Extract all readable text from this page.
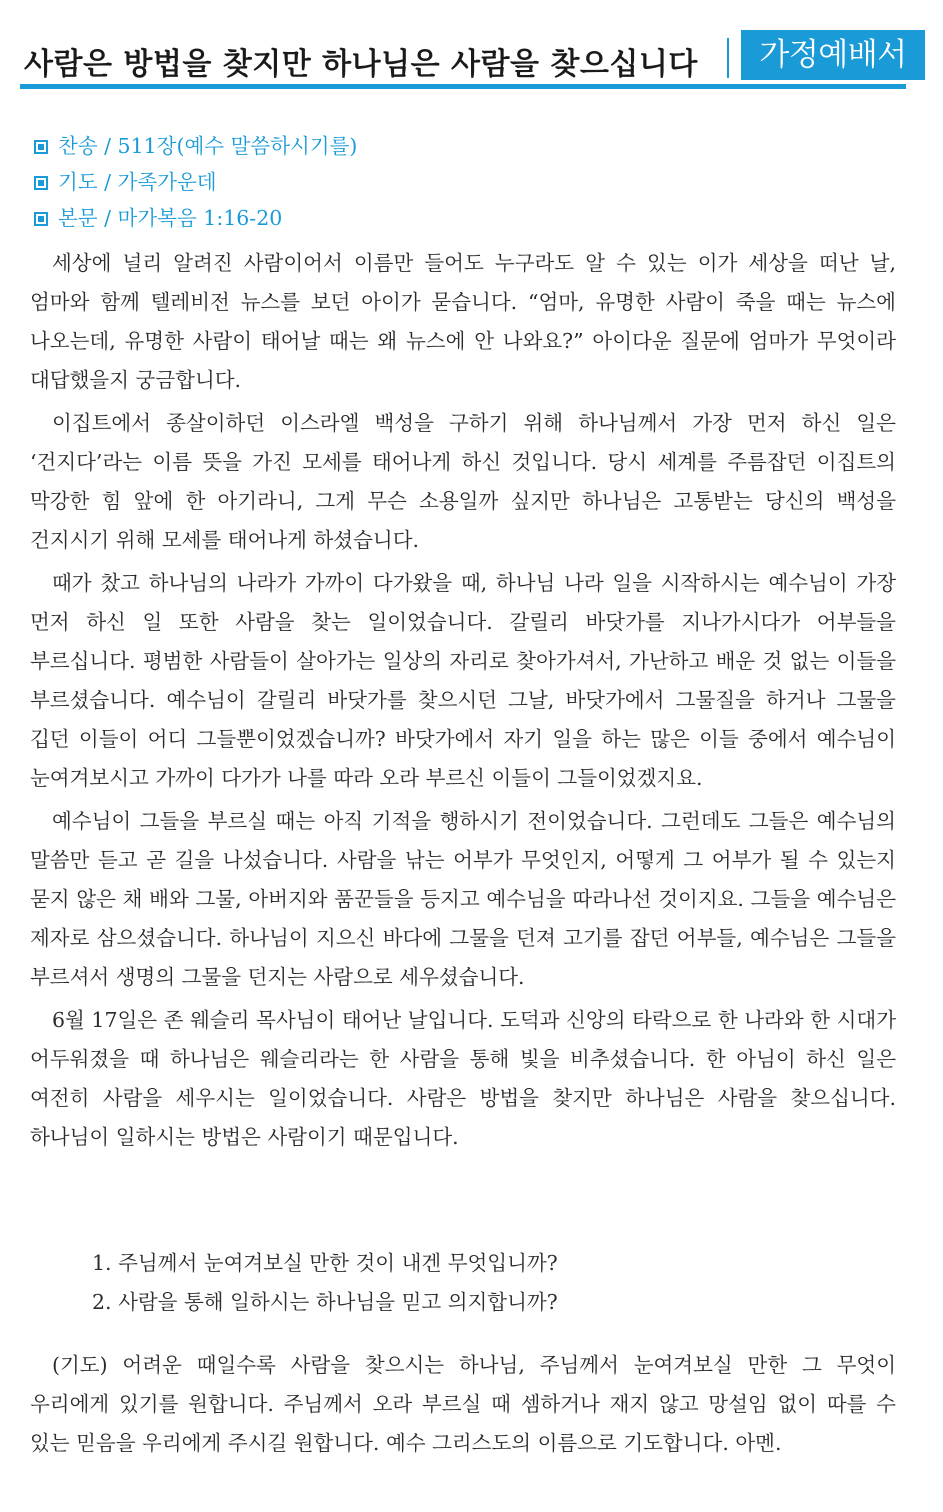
사람은 방법을 찾지만 하나님은 사람을 찾으십니다	가정예배서
찬송 / 511장(예수 말씀하시기를)
기도 / 가족가운데
본문 / 마가복음 1:16-20

세상에 널리 알려진 사람이어서 이름만 들어도 누구라도 알 수 있는 이가 세상을 떠난 날, 엄마와 함께 텔레비전 뉴스를 보던 아이가 묻습니다. “엄마, 유명한 사람이 죽을 때는 뉴스에 나오는데, 유명한 사람이 태어날 때는 왜 뉴스에 안 나와요?” 아이다운 질문에 엄마가 무엇이라 대답했을지 궁금합니다.

이집트에서 종살이하던 이스라엘 백성을 구하기 위해 하나님께서 가장 먼저 하신 일은 ‘건지다’라는 이름 뜻을 가진 모세를 태어나게 하신 것입니다. 당시 세계를 주름잡던 이집트의 막강한 힘 앞에 한 아기라니, 그게 무슨 소용일까 싶지만 하나님은 고통받는 당신의 백성을 건지시기 위해 모세를 태어나게 하셨습니다.

때가 찼고 하나님의 나라가 가까이 다가왔을 때, 하나님 나라 일을 시작하시는 예수님이 가장 먼저 하신 일 또한 사람을 찾는 일이었습니다. 갈릴리 바닷가를 지나가시다가 어부들을 부르십니다. 평범한 사람들이 살아가는 일상의 자리로 찾아가셔서, 가난하고 배운 것 없는 이들을 부르셨습니다. 예수님이 갈릴리 바닷가를 찾으시던 그날, 바닷가에서 그물질을 하거나 그물을 깁던 이들이 어디 그들뿐이었겠습니까? 바닷가에서 자기 일을 하는 많은 이들 중에서 예수님이 눈여겨보시고 가까이 다가가 나를 따라 오라 부르신 이들이 그들이었겠지요.

예수님이 그들을 부르실 때는 아직 기적을 행하시기 전이었습니다. 그런데도 그들은 예수님의 말씀만 듣고 곧 길을 나섰습니다. 사람을 낚는 어부가 무엇인지, 어떻게 그 어부가 될 수 있는지 묻지 않은 채 배와 그물, 아버지와 품꾼들을 등지고 예수님을 따라나선 것이지요. 그들을 예수님은 제자로 삼으셨습니다. 하나님이 지으신 바다에 그물을 던져 고기를 잡던 어부들, 예수님은 그들을 부르셔서 생명의 그물을 던지는 사람으로 세우셨습니다.

6월 17일은 존 웨슬리 목사님이 태어난 날입니다. 도덕과 신앙의 타락으로 한 나라와 한 시대가 어두워졌을 때 하나님은 웨슬리라는 한 사람을 통해 빛을 비추셨습니다. 한 아님이 하신 일은 여전히 사람을 세우시는 일이었습니다. 사람은 방법을 찾지만 하나님은 사람을 찾으십니다. 하나님이 일하시는 방법은 사람이기 때문입니다.

1. 주님께서 눈여겨보실 만한 것이 내겐 무엇입니까?
2. 사람을 통해 일하시는 하나님을 믿고 의지합니까?

(기도) 어려운 때일수록 사람을 찾으시는 하나님, 주님께서 눈여겨보실 만한 그 무엇이 우리에게 있기를 원합니다. 주님께서 오라 부르실 때 셈하거나 재지 않고 망설임 없이 따를 수 있는 믿음을 우리에게 주시길 원합니다. 예수 그리스도의 이름으로 기도합니다. 아멘.
